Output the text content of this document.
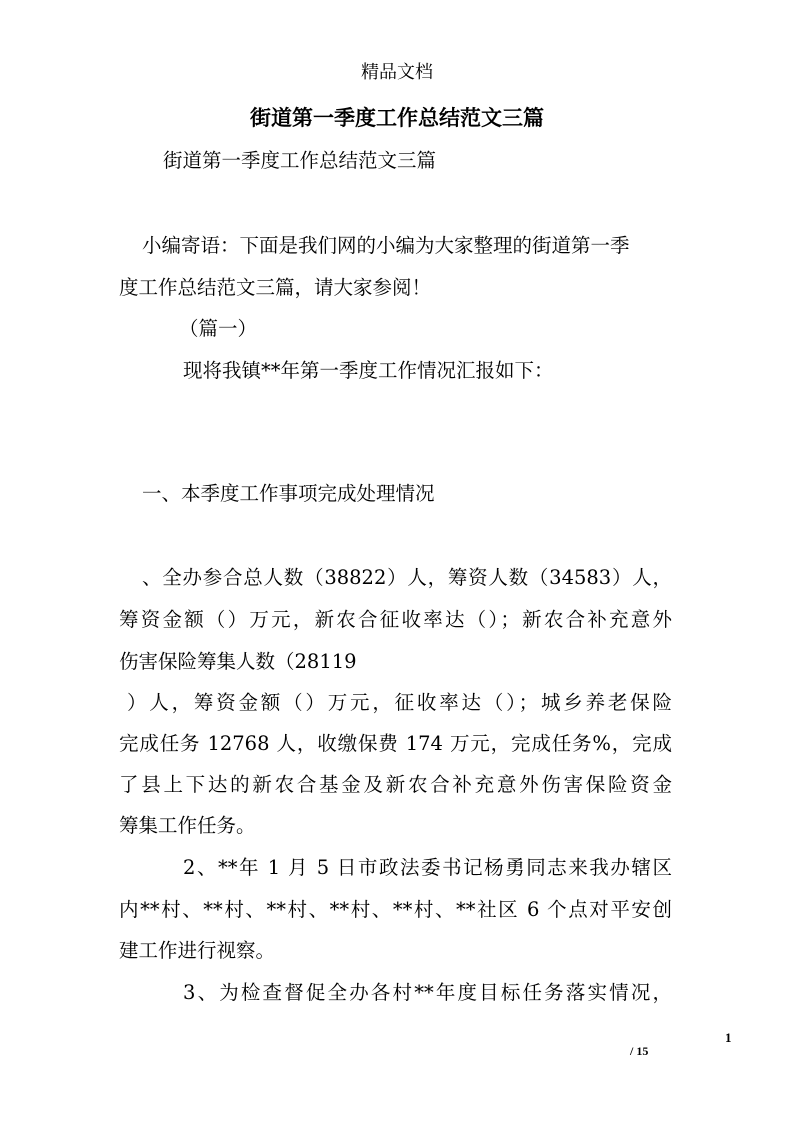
精品文档
街道第一季度工作总结范文三篇
街道第一季度工作总结范文三篇
小编寄语：下面是我们网的小编为大家整理的街道第一季
度工作总结范文三篇，请大家参阅！
（篇一）
现将我镇**年第一季度工作情况汇报如下：
一、本季度工作事项完成处理情况
、全办参合总人数（38822）人，筹资人数（34583）人，
筹资金额（）万元，新农合征收率达（）；新农合补充意外
伤害保险筹集人数（28119
）人，筹资金额（）万元，征收率达（）；城乡养老保险
完成任务 12768 人，收缴保费 174 万元，完成任务%，完成
了县上下达的新农合基金及新农合补充意外伤害保险资金
筹集工作任务。
2、**年 1 月 5 日市政法委书记杨勇同志来我办辖区
内**村、**村、**村、**村、**村、**社区 6 个点对平安创
建工作进行视察。
3、为检查督促全办各村**年度目标任务落实情况，
1
/ 15
